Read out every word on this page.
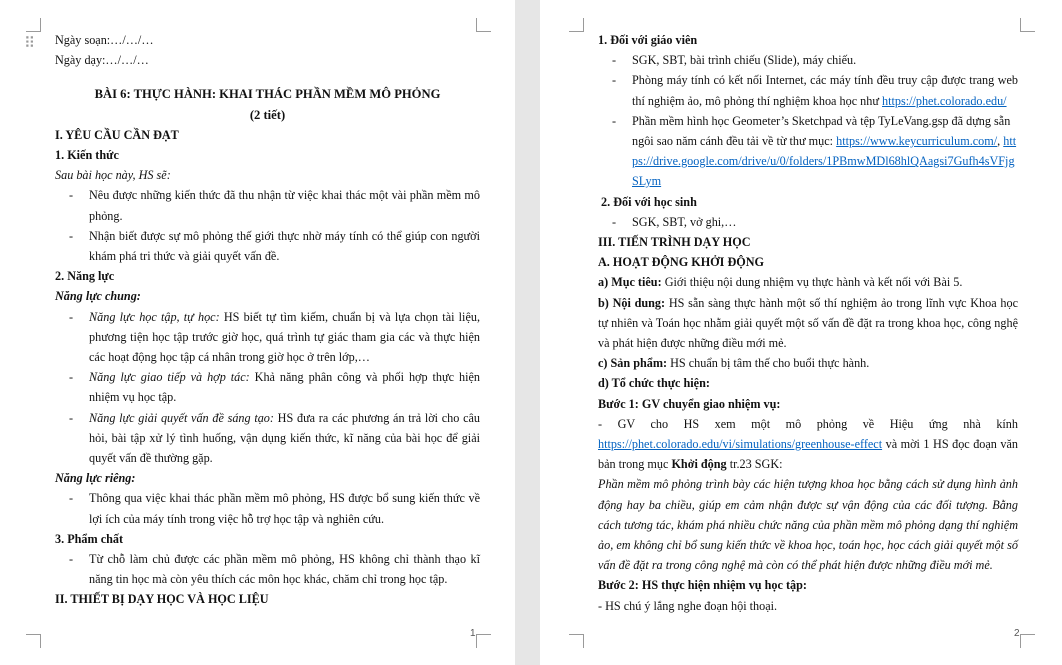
⠿ Ngày soạn:…/…/…

Ngày dạy:…/…/…

BÀI 6: THỰC HÀNH: KHAI THÁC PHẦN MỀM MÔ PHỎNG

(2 tiết)

I. YÊU CẦU CẦN ĐẠT

1. Kiến thức

Sau bài học này, HS sẽ:

- Nêu được những kiến thức đã thu nhận từ việc khai thác một vài phần mềm mô phỏng.

- Nhận biết được sự mô phỏng thế giới thực nhờ máy tính có thể giúp con người khám phá tri thức và giải quyết vấn đề.

2. Năng lực

Năng lực chung:

- Năng lực học tập, tự học: HS biết tự tìm kiếm, chuẩn bị và lựa chọn tài liệu, phương tiện học tập trước giờ học, quá trình tự giác tham gia các và thực hiện các hoạt động học tập cá nhân trong giờ học ở trên lớp,…

- Năng lực giao tiếp và hợp tác: Khả năng phân công và phối hợp thực hiện nhiệm vụ học tập.

- Năng lực giải quyết vấn đề sáng tạo: HS đưa ra các phương án trả lời cho câu hỏi, bài tập xử lý tình huống, vận dụng kiến thức, kĩ năng của bài học để giải quyết vấn đề thường gặp.

Năng lực riêng:

- Thông qua việc khai thác phần mềm mô phỏng, HS được bổ sung kiến thức về lợi ích của máy tính trong việc hỗ trợ học tập và nghiên cứu.

3. Phẩm chất

- Từ chỗ làm chủ được các phần mềm mô phỏng, HS không chỉ thành thạo kĩ năng tin học mà còn yêu thích các môn học khác, chăm chỉ trong học tập.

II. THIẾT BỊ DẠY HỌC VÀ HỌC LIỆU

1

1. Đối với giáo viên

- SGK, SBT, bài trình chiếu (Slide), máy chiếu.

- Phòng máy tính có kết nối Internet, các máy tính đều truy cập được trang web thí nghiệm ảo, mô phỏng thí nghiệm khoa học như https://phet.colorado.edu/

- Phần mềm hình học Geometer’s Sketchpad và tệp TyLeVang.gsp đã dựng sẵn ngôi sao năm cánh đều tải về từ thư mục: https://www.keycurriculum.com/, https://drive.google.com/drive/u/0/folders/1PBmwMDl68hlQAagsi7Gufh4sVFjgSLym

2. Đối với học sinh

- SGK, SBT, vở ghi,…

III. TIẾN TRÌNH DẠY HỌC

A. HOẠT ĐỘNG KHỞI ĐỘNG

a) Mục tiêu: Giới thiệu nội dung nhiệm vụ thực hành và kết nối với Bài 5.

b) Nội dung: HS sẵn sàng thực hành một số thí nghiệm ảo trong lĩnh vực Khoa học tự nhiên và Toán học nhằm giải quyết một số vấn đề đặt ra trong khoa học, công nghệ và phát hiện được những điều mới mẻ.

c) Sản phẩm: HS chuẩn bị tâm thế cho buổi thực hành.

d) Tổ chức thực hiện:

Bước 1: GV chuyển giao nhiệm vụ:

- GV cho HS xem một mô phỏng về Hiệu ứng nhà kính https://phet.colorado.edu/vi/simulations/greenhouse-effect và mời 1 HS đọc đoạn văn bản trong mục Khởi động tr.23 SGK:

Phần mềm mô phỏng trình bày các hiện tượng khoa học bằng cách sử dụng hình ảnh động hay ba chiều, giúp em cảm nhận được sự vận động của các đối tượng. Bằng cách tương tác, khám phá nhiều chức năng của phần mềm mô phỏng dạng thí nghiệm ảo, em không chỉ bổ sung kiến thức về khoa học, toán học, học cách giải quyết một số vấn đề đặt ra trong công nghệ mà còn có thể phát hiện được những điều mới mẻ.

Bước 2: HS thực hiện nhiệm vụ học tập:

- HS chú ý lắng nghe đoạn hội thoại.

2
